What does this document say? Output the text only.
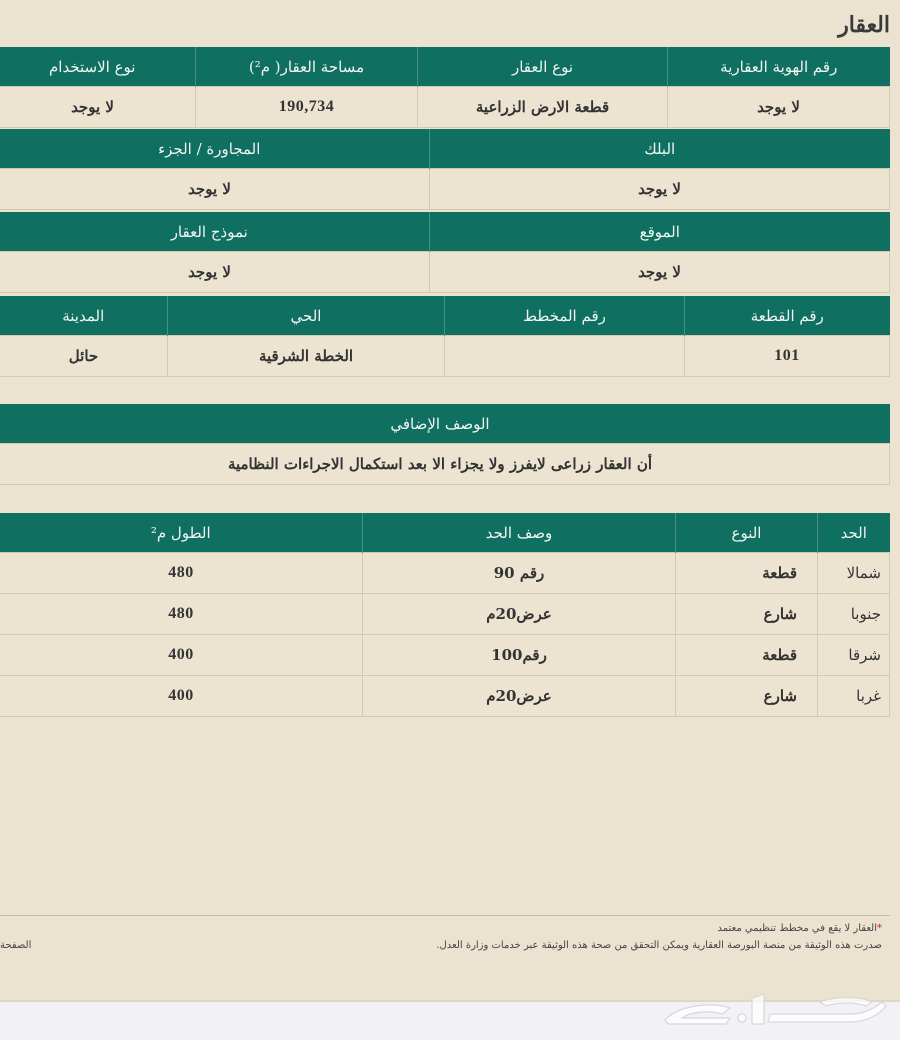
العقار
رقم الهوية العقارية	نوع العقار	مساحة العقار( م²)	نوع الاستخدام
لا يوجد	قطعة الارض الزراعية	190,734	لا يوجد
البلك	المجاورة / الجزء
لا يوجد	لا يوجد
الموقع	نموذج العقار
لا يوجد	لا يوجد
رقم القطعة	رقم المخطط	الحي	المدينة
101		الخطة الشرقية	حائل
الوصف الإضافي
أن العقار زراعى لايفرز ولا يجزاء الا بعد استكمال الاجراءات النظامية
الحد	النوع	وصف الحد	الطول م²
شمالا	قطعة	رقم 90	480
جنوبا	شارع	عرض20م	480
شرقا	قطعة	رقم100	400
غربا	شارع	عرض20م	400
*العقار لا يقع في مخطط تنظيمي معتمد
صدرت هذه الوثيقة من منصة البورصة العقارية ويمكن التحقق من صحة هذه الوثيقة عبر خدمات وزارة العدل.
الصفحة
